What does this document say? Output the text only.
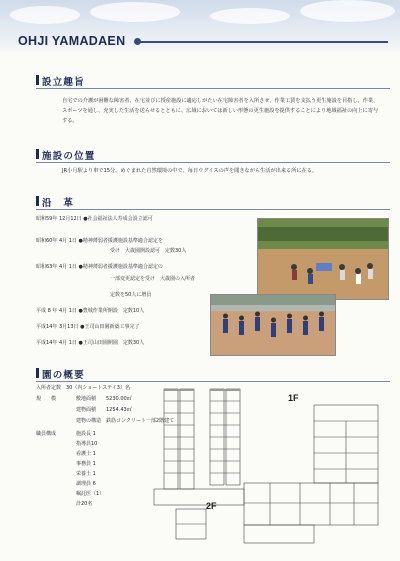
OHJI YAMADAEN
設立趣旨
自宅での介護が困難な障害者、在宅並びに授産施設に適応しがたい在宅障害者を入所させ、作業工賃を支払う更生施設を目指し、作業、スポーツを通し、充実した生活を送らせるとともに、広域においては新しい形態の更生施設を提供することにより地域福祉の向上に寄与する。
施設の位置
JR小月駅より車で15分。めぐまれた自然環境の中で、毎日ウグイスの声を聞きながら生活が出来る所に在る。
沿　革
昭和59年 12月12日 ●社会福祉法人寿成会設立認可
昭和60年 4月 1日 ●精神薄弱者援護施設基準適合認定を
受け　大歳園開設認可　定数30人
昭和63年 4月 1日 ●精神薄弱者援護施設基準適合認定の
一部変更認定を受け　大歳園の入所者
定数を50人に増員
平成 8 年 4月 1日 ●豊城作業所開設　定数10人
平成14年 3月13日 ●王司山田園新築工事完了
平成14年 4月 1日 ●王司山田園開園　定数30人
園の概要
入所者定数　30（内ショートステイ3）名
規　　模	敷地面積　　5230.00㎡
建物面積　　1254.43㎡
建物の構造　鉄筋コンクリート一部2階建て
職員構成	施設長 1
指導員10
看護士 1
事務員 1
栄養士 1
調理員 6
嘱託医（1）
計20名
1F
2F
